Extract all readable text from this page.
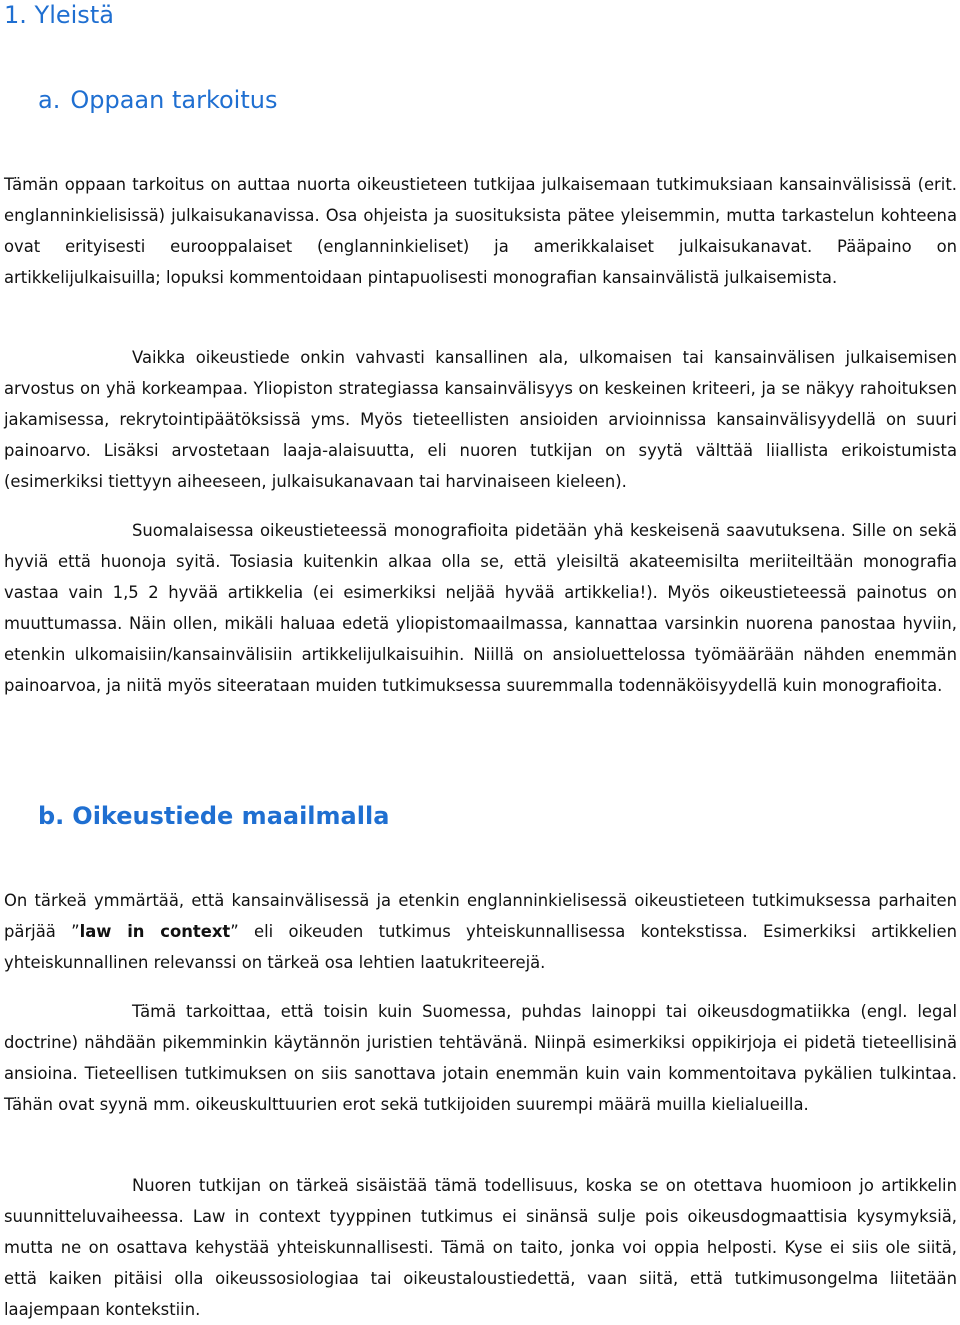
1. Yleistä
a. Oppaan tarkoitus

Tämän oppaan tarkoitus on auttaa nuorta oikeustieteen tutkijaa julkaisemaan tutkimuksiaan kansainvälisissä (erit. englanninkielisissä) julkaisukanavissa. Osa ohjeista ja suosituksista pätee yleisemmin, mutta tarkastelun kohteena ovat erityisesti eurooppalaiset (englanninkieliset) ja amerikkalaiset julkaisukanavat. Pääpaino on artikkelijulkaisuilla; lopuksi kommentoidaan pintapuolisesti monografian kansainvälistä julkaisemista.

Vaikka oikeustiede onkin vahvasti kansallinen ala, ulkomaisen tai kansainvälisen julkaisemisen arvostus on yhä korkeampaa. Yliopiston strategiassa kansainvälisyys on keskeinen kriteeri, ja se näkyy rahoituksen jakamisessa, rekrytointipäätöksissä yms. Myös tieteellisten ansioiden arvioinnissa kansainvälisyydellä on suuri painoarvo. Lisäksi arvostetaan laaja-alaisuutta, eli nuoren tutkijan on syytä välttää liiallista erikoistumista (esimerkiksi tiettyyn aiheeseen, julkaisukanavaan tai harvinaiseen kieleen).

Suomalaisessa oikeustieteessä monografioita pidetään yhä keskeisenä saavutuksena. Sille on sekä hyviä että huonoja syitä. Tosiasia kuitenkin alkaa olla se, että yleisiltä akateemisilta meriiteiltään monografia vastaa vain 1,5 2 hyvää artikkelia (ei esimerkiksi neljää hyvää artikkelia!). Myös oikeustieteessä painotus on muuttumassa. Näin ollen, mikäli haluaa edetä yliopistomaailmassa, kannattaa varsinkin nuorena panostaa hyviin, etenkin ulkomaisiin/kansainvälisiin artikkelijulkaisuihin. Niillä on ansioluettelossa työmäärään nähden enemmän painoarvoa, ja niitä myös siteerataan muiden tutkimuksessa suuremmalla todennäköisyydellä kuin monografioita.

b. Oikeustiede maailmalla

On tärkeä ymmärtää, että kansainvälisessä ja etenkin englanninkielisessä oikeustieteen tutkimuksessa parhaiten pärjää ”law in context” eli oikeuden tutkimus yhteiskunnallisessa kontekstissa. Esimerkiksi artikkelien yhteiskunnallinen relevanssi on tärkeä osa lehtien laatukriteerejä.

Tämä tarkoittaa, että toisin kuin Suomessa, puhdas lainoppi tai oikeusdogmatiikka (engl. legal doctrine) nähdään pikemminkin käytännön juristien tehtävänä. Niinpä esimerkiksi oppikirjoja ei pidetä tieteellisinä ansioina. Tieteellisen tutkimuksen on siis sanottava jotain enemmän kuin vain kommentoitava pykälien tulkintaa. Tähän ovat syynä mm. oikeuskulttuurien erot sekä tutkijoiden suurempi määrä muilla kielialueilla.

Nuoren tutkijan on tärkeä sisäistää tämä todellisuus, koska se on otettava huomioon jo artikkelin suunnitteluvaiheessa. Law in context tyyppinen tutkimus ei sinänsä sulje pois oikeusdogmaattisia kysymyksiä, mutta ne on osattava kehystää yhteiskunnallisesti. Tämä on taito, jonka voi oppia helposti. Kyse ei siis ole siitä, että kaiken pitäisi olla oikeussosiologiaa tai oikeustaloustiedettä, vaan siitä, että tutkimusongelma liitetään laajempaan kontekstiin.
